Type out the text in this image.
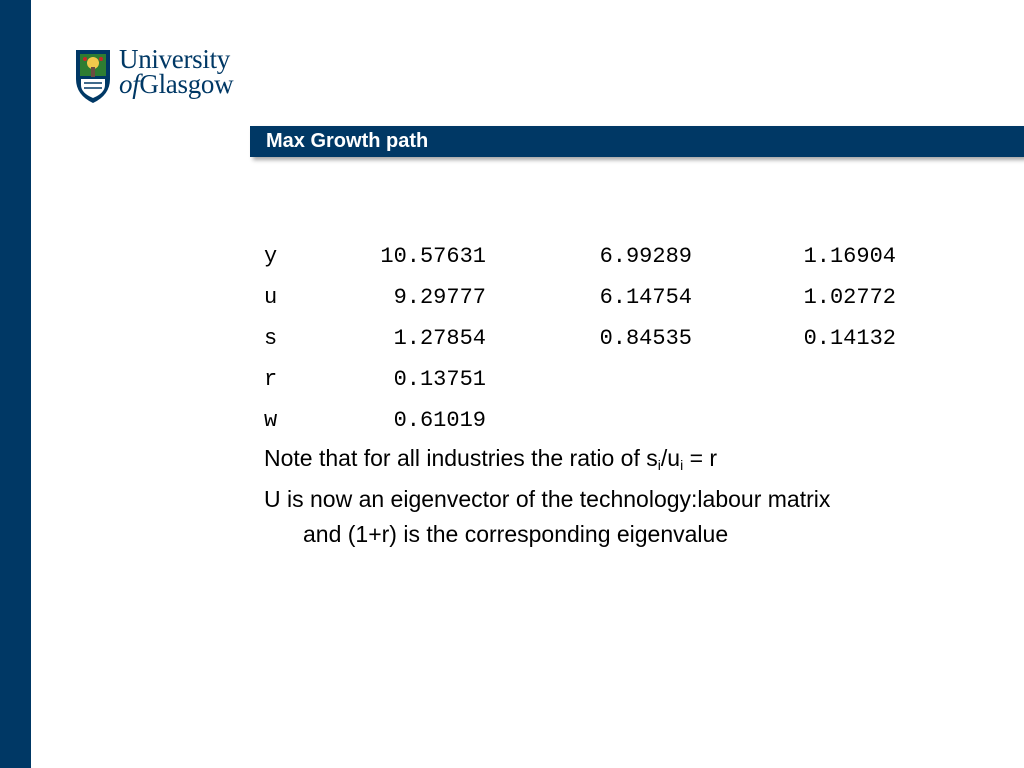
University
ofGlasgow
Max Growth path
y	10.57631	6.99289	1.16904
u	9.29777	6.14754	1.02772
s	1.27854	0.84535	0.14132
r	0.13751		
w	0.61019		
Note that for all industries the ratio of $s_i/u_i = r$
U is now an eigenvector of the technology:labour matrix
and (1+r) is the corresponding eigenvalue
